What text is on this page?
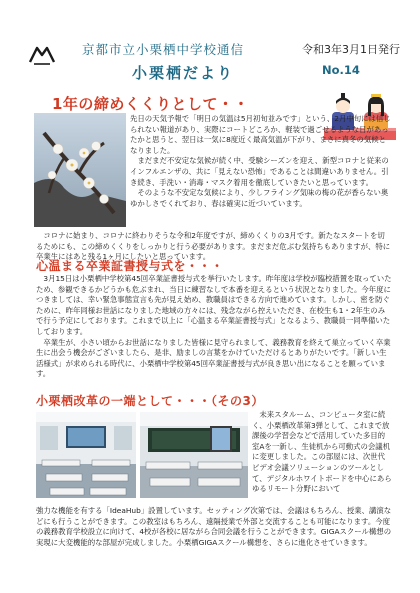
京都市立小栗栖中学校通信	令和3年3月1日発行
小栗栖だより	No.14
1年の締めくくりとして・・

先日の天気予報で「明日の気温は5月初旬並みです」という、2月中旬には信じられない報道があり、実際にコートどころか、軽装で過ごせるような日があったかと思うと、翌日は一気に8度近く最高気温が下がり、まさに真冬の気候となりました。

まだまだ不安定な気候が続く中、受験シーズンを迎え、新型コロナと従来のインフルエンザの、共に「見えない恐怖」であることは間違いありません。引き続き、手洗い・消毒・マスク着用を徹底していきたいと思っています。

そのような不安定な気候により、少しフライング気味の梅の花が香らない奥ゆかしさでくれており、春は確実に近づいています。

コロナに始まり、コロナに終わりそうな令和2年度ですが、締めくくりの3月です。新たなスタートを切るためにも、この締めくくりをしっかりと行う必要があります。まだまだ危ぶむ気持ちもありますが、特に卒業生にはあと残る1ヶ月にしたいと思っています。

心温まる卒業証書授与式を・・・

3月15日は小栗栖中学校第45回卒業証書授与式を挙行いたします。昨年度は学校が臨校措置を取っていたため、参観できるかどうかも危ぶまれ、当日に練習なしで本番を迎えるという状況となりました。今年度につきましては、幸い緊急事態宣言も先が見え始め、教職員はできる方向で進めています。しかし、密を防ぐために、昨年同様お世話になりました地域の方々には、残念ながら控えいただき、在校生も1・2年生のみで行う予定にしております。これまで以上に「心温まる卒業証書授与式」となるよう、教職員一同準備いたしております。

卒業生が、小さい頃からお世話になりました皆様に見守られまして、義務教育を終えて巣立っていく卒業生に出会う機会がございましたら、是非、励ましの言葉をかけていただけるとありがたいです。「新しい生活様式」が求められる時代に、小栗栖中学校第45回卒業証書授与式が良き思い出になることを願っています。

小栗栖改革の一端として・・・（その3）

未来スタルーム、コンピュータ室に続く、小栗栖改革第3弾として、これまで放課後の学習会などで活用していた多目的室Aを一新し、生徒机から可動式の会議机に変更しました。この部屋には、次世代ビデオ会議ソリューションのツールとして、デジタルホワイトボードを中心にあらゆるリモート分野において

強力な機能を有する「IdeaHub」設置しています。セッティング次第では、会議はもちろん、授業、講演などにも行うことができます。この教室はもちろん、遠隔授業で外部と交流することも可能になります。今度の義務教育学校設立に向けて、4校が各校に居ながら合同会議を行うことができます。GIGAスクール構想の実現に大変機能的な部屋が完成しました。小栗栖GIGAスクール構想を、さらに進化させていきます。
